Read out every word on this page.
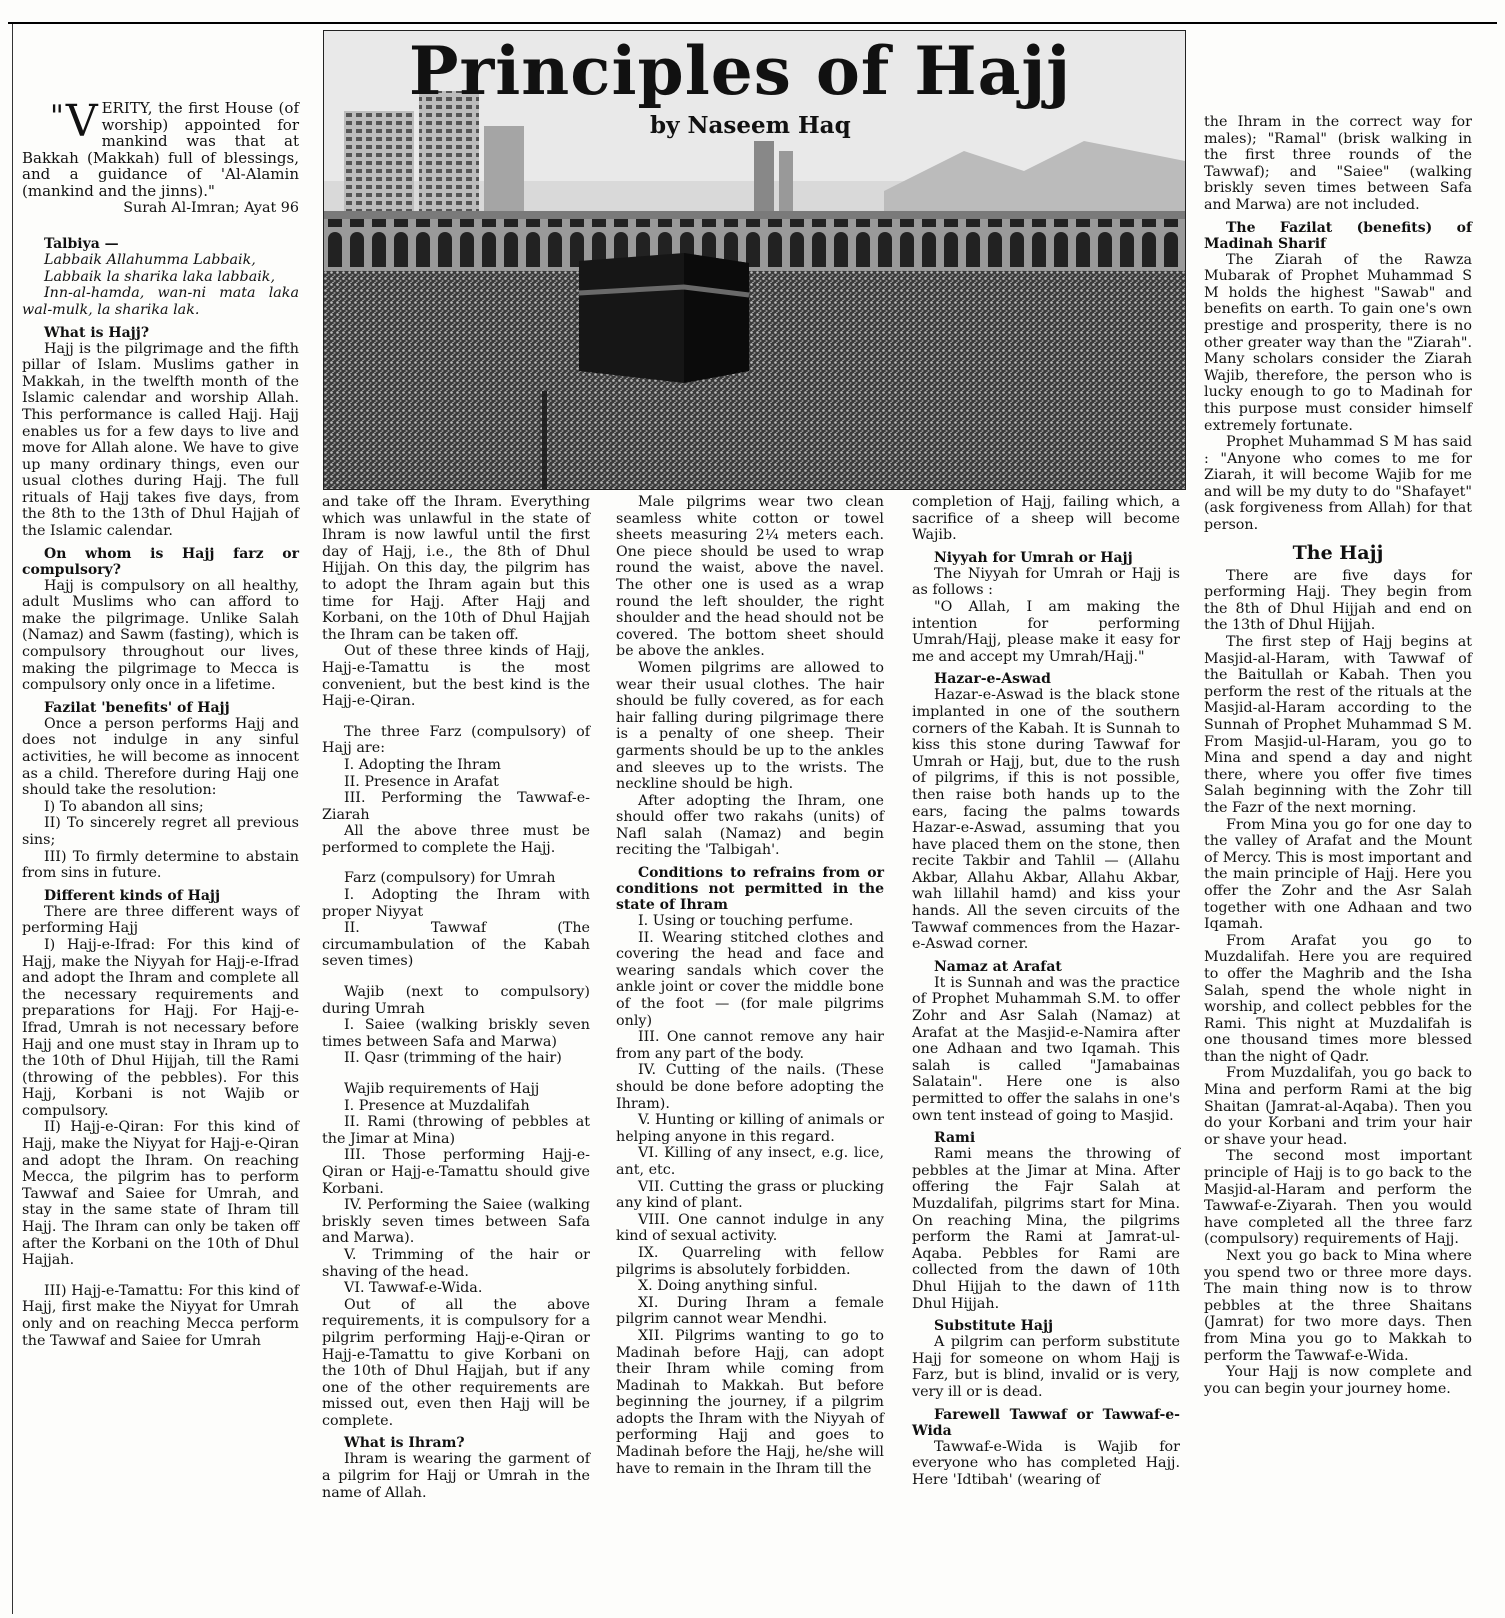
Principles of Hajj
by Naseem Haq
" V ERITY, the first House (of worship) appointed for mankind was that at Bakkah (Makkah) full of blessings, and a guidance of 'Al-Alamin (mankind and the jinns)."

Surah Al-Imran; Ayat 96

Talbiya —

Labbaik Allahumma Labbaik,

Labbaik la sharika laka labbaik,

Inn-al-hamda, wan-ni mata laka wal-mulk, la sharika lak.

What is Hajj?

Hajj is the pilgrimage and the fifth pillar of Islam. Muslims gather in Makkah, in the twelfth month of the Islamic calendar and worship Allah. This performance is called Hajj. Hajj enables us for a few days to live and move for Allah alone. We have to give up many ordinary things, even our usual clothes during Hajj. The full rituals of Hajj takes five days, from the 8th to the 13th of Dhul Hajjah of the Islamic calendar.

On whom is Hajj farz or compulsory?

Hajj is compulsory on all healthy, adult Muslims who can afford to make the pilgrimage. Unlike Salah (Namaz) and Sawm (fasting), which is compulsory throughout our lives, making the pilgrimage to Mecca is compulsory only once in a lifetime.

Fazilat 'benefits' of Hajj

Once a person performs Hajj and does not indulge in any sinful activities, he will become as innocent as a child. Therefore during Hajj one should take the resolution:

I) To abandon all sins;

II) To sincerely regret all previous sins;

III) To firmly determine to abstain from sins in future.

Different kinds of Hajj

There are three different ways of performing Hajj

I) Hajj-e-Ifrad: For this kind of Hajj, make the Niyyah for Hajj-e-Ifrad and adopt the Ihram and complete all the necessary requirements and preparations for Hajj. For Hajj-e-Ifrad, Umrah is not necessary before Hajj and one must stay in Ihram up to the 10th of Dhul Hijjah, till the Rami (throwing of the pebbles). For this Hajj, Korbani is not Wajib or compulsory.

II) Hajj-e-Qiran: For this kind of Hajj, make the Niyyat for Hajj-e-Qiran and adopt the Ihram. On reaching Mecca, the pilgrim has to perform Tawwaf and Saiee for Umrah, and stay in the same state of Ihram till Hajj. The Ihram can only be taken off after the Korbani on the 10th of Dhul Hajjah.

III) Hajj-e-Tamattu: For this kind of Hajj, first make the Niyyat for Umrah only and on reaching Mecca perform the Tawwaf and Saiee for Umrah

and take off the Ihram. Everything which was unlawful in the state of Ihram is now lawful until the first day of Hajj, i.e., the 8th of Dhul Hijjah. On this day, the pilgrim has to adopt the Ihram again but this time for Hajj. After Hajj and Korbani, on the 10th of Dhul Hajjah the Ihram can be taken off.

Out of these three kinds of Hajj, Hajj-e-Tamattu is the most convenient, but the best kind is the Hajj-e-Qiran.

The three Farz (compulsory) of Hajj are:

I. Adopting the Ihram

II. Presence in Arafat

III. Performing the Tawwaf-e-Ziarah

All the above three must be performed to complete the Hajj.

Farz (compulsory) for Umrah

I. Adopting the Ihram with proper Niyyat

II. Tawwaf (The circumambulation of the Kabah seven times)

Wajib (next to compulsory) during Umrah

I. Saiee (walking briskly seven times between Safa and Marwa)

II. Qasr (trimming of the hair)

Wajib requirements of Hajj

I. Presence at Muzdalifah

II. Rami (throwing of pebbles at the Jimar at Mina)

III. Those performing Hajj-e-Qiran or Hajj-e-Tamattu should give Korbani.

IV. Performing the Saiee (walking briskly seven times between Safa and Marwa).

V. Trimming of the hair or shaving of the head.

VI. Tawwaf-e-Wida.

Out of all the above requirements, it is compulsory for a pilgrim performing Hajj-e-Qiran or Hajj-e-Tamattu to give Korbani on the 10th of Dhul Hajjah, but if any one of the other requirements are missed out, even then Hajj will be complete.

What is Ihram?

Ihram is wearing the garment of a pilgrim for Hajj or Umrah in the name of Allah.

Male pilgrims wear two clean seamless white cotton or towel sheets measuring 2¼ meters each. One piece should be used to wrap round the waist, above the navel. The other one is used as a wrap round the left shoulder, the right shoulder and the head should not be covered. The bottom sheet should be above the ankles.

Women pilgrims are allowed to wear their usual clothes. The hair should be fully covered, as for each hair falling during pilgrimage there is a penalty of one sheep. Their garments should be up to the ankles and sleeves up to the wrists. The neckline should be high.

After adopting the Ihram, one should offer two rakahs (units) of Nafl salah (Namaz) and begin reciting the 'Talbigah'.

Conditions to refrains from or conditions not permitted in the state of Ihram

I. Using or touching perfume.

II. Wearing stitched clothes and covering the head and face and wearing sandals which cover the ankle joint or cover the middle bone of the foot — (for male pilgrims only)

III. One cannot remove any hair from any part of the body.

IV. Cutting of the nails. (These should be done before adopting the Ihram).

V. Hunting or killing of animals or helping anyone in this regard.

VI. Killing of any insect, e.g. lice, ant, etc.

VII. Cutting the grass or plucking any kind of plant.

VIII. One cannot indulge in any kind of sexual activity.

IX. Quarreling with fellow pilgrims is absolutely forbidden.

X. Doing anything sinful.

XI. During Ihram a female pilgrim cannot wear Mendhi.

XII. Pilgrims wanting to go to Madinah before Hajj, can adopt their Ihram while coming from Madinah to Makkah. But before beginning the journey, if a pilgrim adopts the Ihram with the Niyyah of performing Hajj and goes to Madinah before the Hajj, he/she will have to remain in the Ihram till the

completion of Hajj, failing which, a sacrifice of a sheep will become Wajib.

Niyyah for Umrah or Hajj

The Niyyah for Umrah or Hajj is as follows :

"O Allah, I am making the intention for performing Umrah/Hajj, please make it easy for me and accept my Umrah/Hajj."

Hazar-e-Aswad

Hazar-e-Aswad is the black stone implanted in one of the southern corners of the Kabah. It is Sunnah to kiss this stone during Tawwaf for Umrah or Hajj, but, due to the rush of pilgrims, if this is not possible, then raise both hands up to the ears, facing the palms towards Hazar-e-Aswad, assuming that you have placed them on the stone, then recite Takbir and Tahlil — (Allahu Akbar, Allahu Akbar, Allahu Akbar, wah lillahil hamd) and kiss your hands. All the seven circuits of the Tawwaf commences from the Hazar-e-Aswad corner.

Namaz at Arafat

It is Sunnah and was the practice of Prophet Muhammah S.M. to offer Zohr and Asr Salah (Namaz) at Arafat at the Masjid-e-Namira after one Adhaan and two Iqamah. This salah is called "Jamabainas Salatain". Here one is also permitted to offer the salahs in one's own tent instead of going to Masjid.

Rami

Rami means the throwing of pebbles at the Jimar at Mina. After offering the Fajr Salah at Muzdalifah, pilgrims start for Mina. On reaching Mina, the pilgrims perform the Rami at Jamrat-ul-Aqaba. Pebbles for Rami are collected from the dawn of 10th Dhul Hijjah to the dawn of 11th Dhul Hijjah.

Substitute Hajj

A pilgrim can perform substitute Hajj for someone on whom Hajj is Farz, but is blind, invalid or is very, very ill or is dead.

Farewell Tawwaf or Tawwaf-e-Wida

Tawwaf-e-Wida is Wajib for everyone who has completed Hajj. Here 'Idtibah' (wearing of

the Ihram in the correct way for males); "Ramal" (brisk walking in the first three rounds of the Tawwaf); and "Saiee" (walking briskly seven times between Safa and Marwa) are not included.

The Fazilat (benefits) of Madinah Sharif

The Ziarah of the Rawza Mubarak of Prophet Muhammad S M holds the highest "Sawab" and benefits on earth. To gain one's own prestige and prosperity, there is no other greater way than the "Ziarah". Many scholars consider the Ziarah Wajib, therefore, the person who is lucky enough to go to Madinah for this purpose must consider himself extremely fortunate.

Prophet Muhammad S M has said : "Anyone who comes to me for Ziarah, it will become Wajib for me and will be my duty to do "Shafayet" (ask forgiveness from Allah) for that person.

The Hajj

There are five days for performing Hajj. They begin from the 8th of Dhul Hijjah and end on the 13th of Dhul Hijjah.

The first step of Hajj begins at Masjid-al-Haram, with Tawwaf of the Baitullah or Kabah. Then you perform the rest of the rituals at the Masjid-al-Haram according to the Sunnah of Prophet Muhammad S M. From Masjid-ul-Haram, you go to Mina and spend a day and night there, where you offer five times Salah beginning with the Zohr till the Fazr of the next morning.

From Mina you go for one day to the valley of Arafat and the Mount of Mercy. This is most important and the main principle of Hajj. Here you offer the Zohr and the Asr Salah together with one Adhaan and two Iqamah.

From Arafat you go to Muzdalifah. Here you are required to offer the Maghrib and the Isha Salah, spend the whole night in worship, and collect pebbles for the Rami. This night at Muzdalifah is one thousand times more blessed than the night of Qadr.

From Muzdalifah, you go back to Mina and perform Rami at the big Shaitan (Jamrat-al-Aqaba). Then you do your Korbani and trim your hair or shave your head.

The second most important principle of Hajj is to go back to the Masjid-al-Haram and perform the Tawwaf-e-Ziyarah. Then you would have completed all the three farz (compulsory) requirements of Hajj.

Next you go back to Mina where you spend two or three more days. The main thing now is to throw pebbles at the three Shaitans (Jamrat) for two more days. Then from Mina you go to Makkah to perform the Tawwaf-e-Wida.

Your Hajj is now complete and you can begin your journey home.
